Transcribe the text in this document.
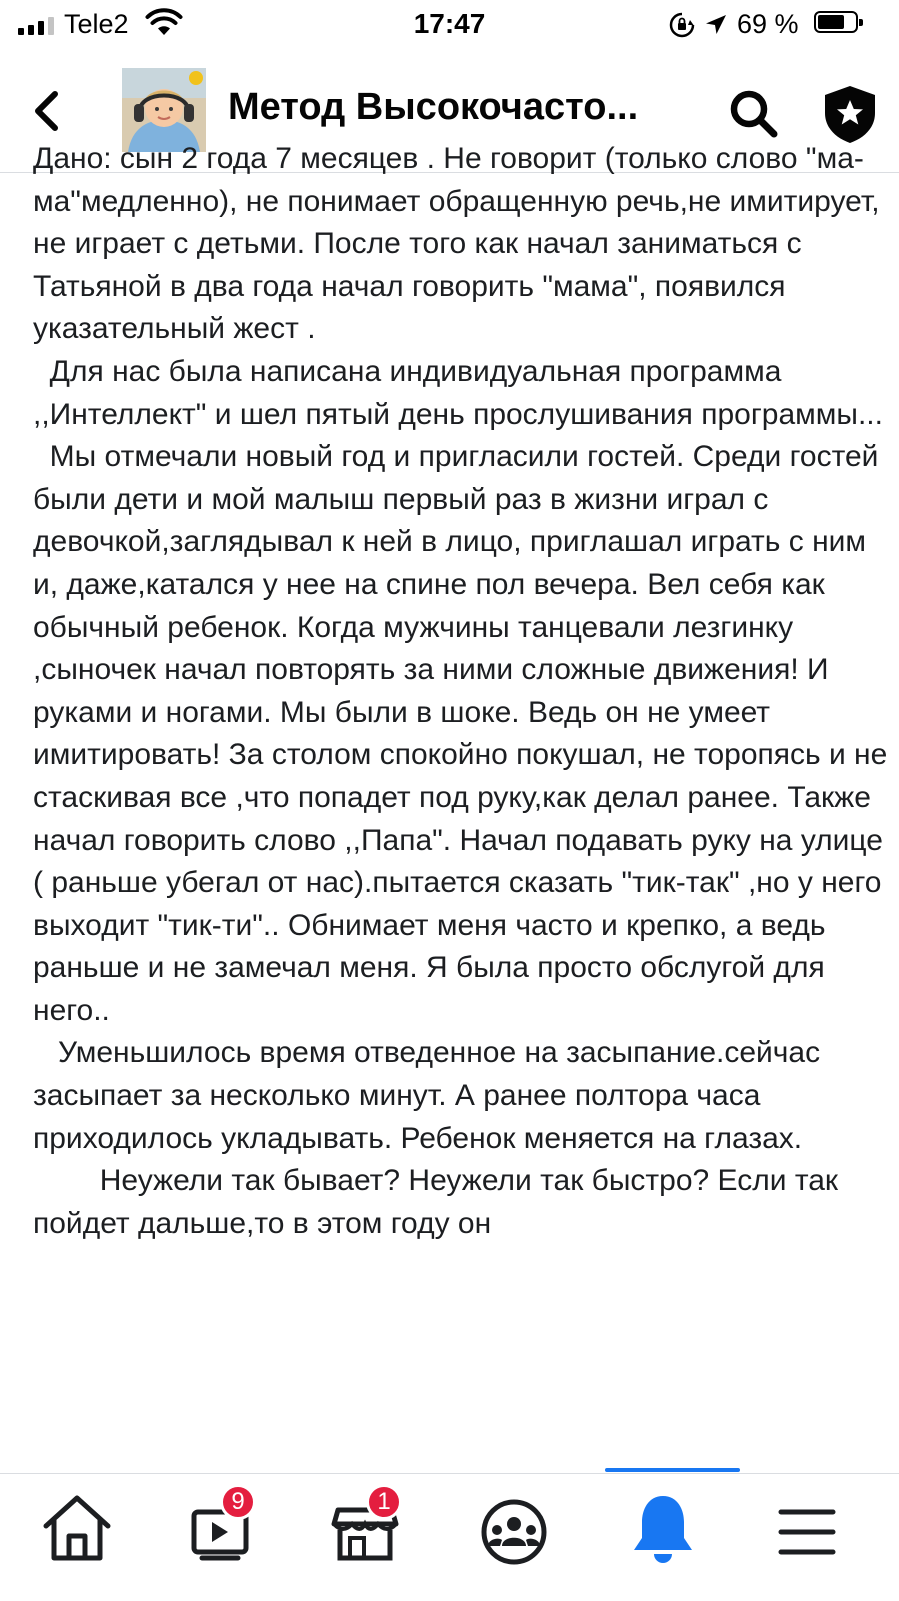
Tele2	17:47	69 %
Метод Высокочасто...

Дано: сын 2 года 7 месяцев . Не говорит (только слово "ма-ма"медленно), не понимает обращенную речь,не имитирует, не играет с детьми. После того как начал заниматься с Татьяной в два года начал говорить "мама", появился указательный жест .
Для нас была написана индивидуальная программа ,,Интеллект" и шел пятый день прослушивания программы...
Мы отмечали новый год и пригласили гостей. Среди гостей были дети и мой малыш первый раз в жизни играл с девочкой,заглядывал к ней в лицо, приглашал играть с ним и, даже,катался у нее на спине пол вечера. Вел себя как обычный ребенок. Когда мужчины танцевали лезгинку ,сыночек начал повторять за ними сложные движения! И руками и ногами. Мы были в шоке. Ведь он не умеет имитировать! За столом спокойно покушал, не торопясь и не стаскивая все ,что попадет под руку,как делал ранее. Также начал говорить слово ,,Папа". Начал подавать руку на улице ( раньше убегал от нас).пытается сказать "тик-так" ,но у него выходит "тик-ти".. Обнимает меня часто и крепко, а ведь раньше и не замечал меня. Я была просто обслугой для него..
Уменьшилось время отведенное на засыпание.сейчас засыпает за несколько минут. А ранее полтора часа приходилось укладывать. Ребенок меняется на глазах.
Неужели так бывает? Неужели так быстро? Если так пойдет дальше,то в этом году он

9	1
